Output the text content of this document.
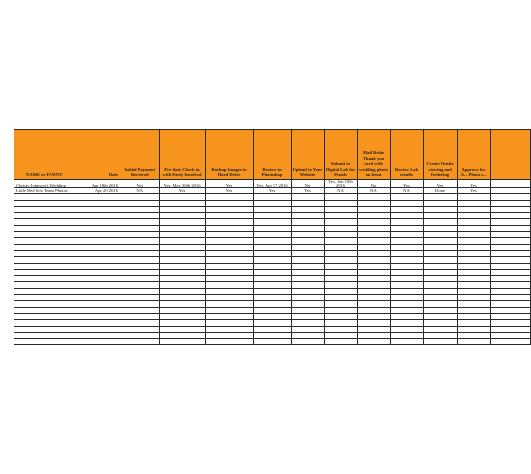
NAME or EVENT	Date	Initial Payment Received	Pre-date Check in with Party Involved	Backup Images to Hard Drive	Review in Photoshop	Upload to Your Website	Submit to Digital Lab for Proofs	Mail Bride Thank you card with wedding photo on front	Review Lab results	Create Onsite viewing and Ordering	Approve for A... Photo s...	
Christy Johnson's Wedding	Jun 18th 2016	Yes	Yes, May 30th 2016	Yes	Yes, Jun 17 2016	No	Yes, Jun 18th 2016	No	Yes	Yes	Yes	
Little Red Sox Team Photos	Apr 20 2016	NA	Yes	Yes	Yes	Yes	NA	NA	NA	Done	Yes	
